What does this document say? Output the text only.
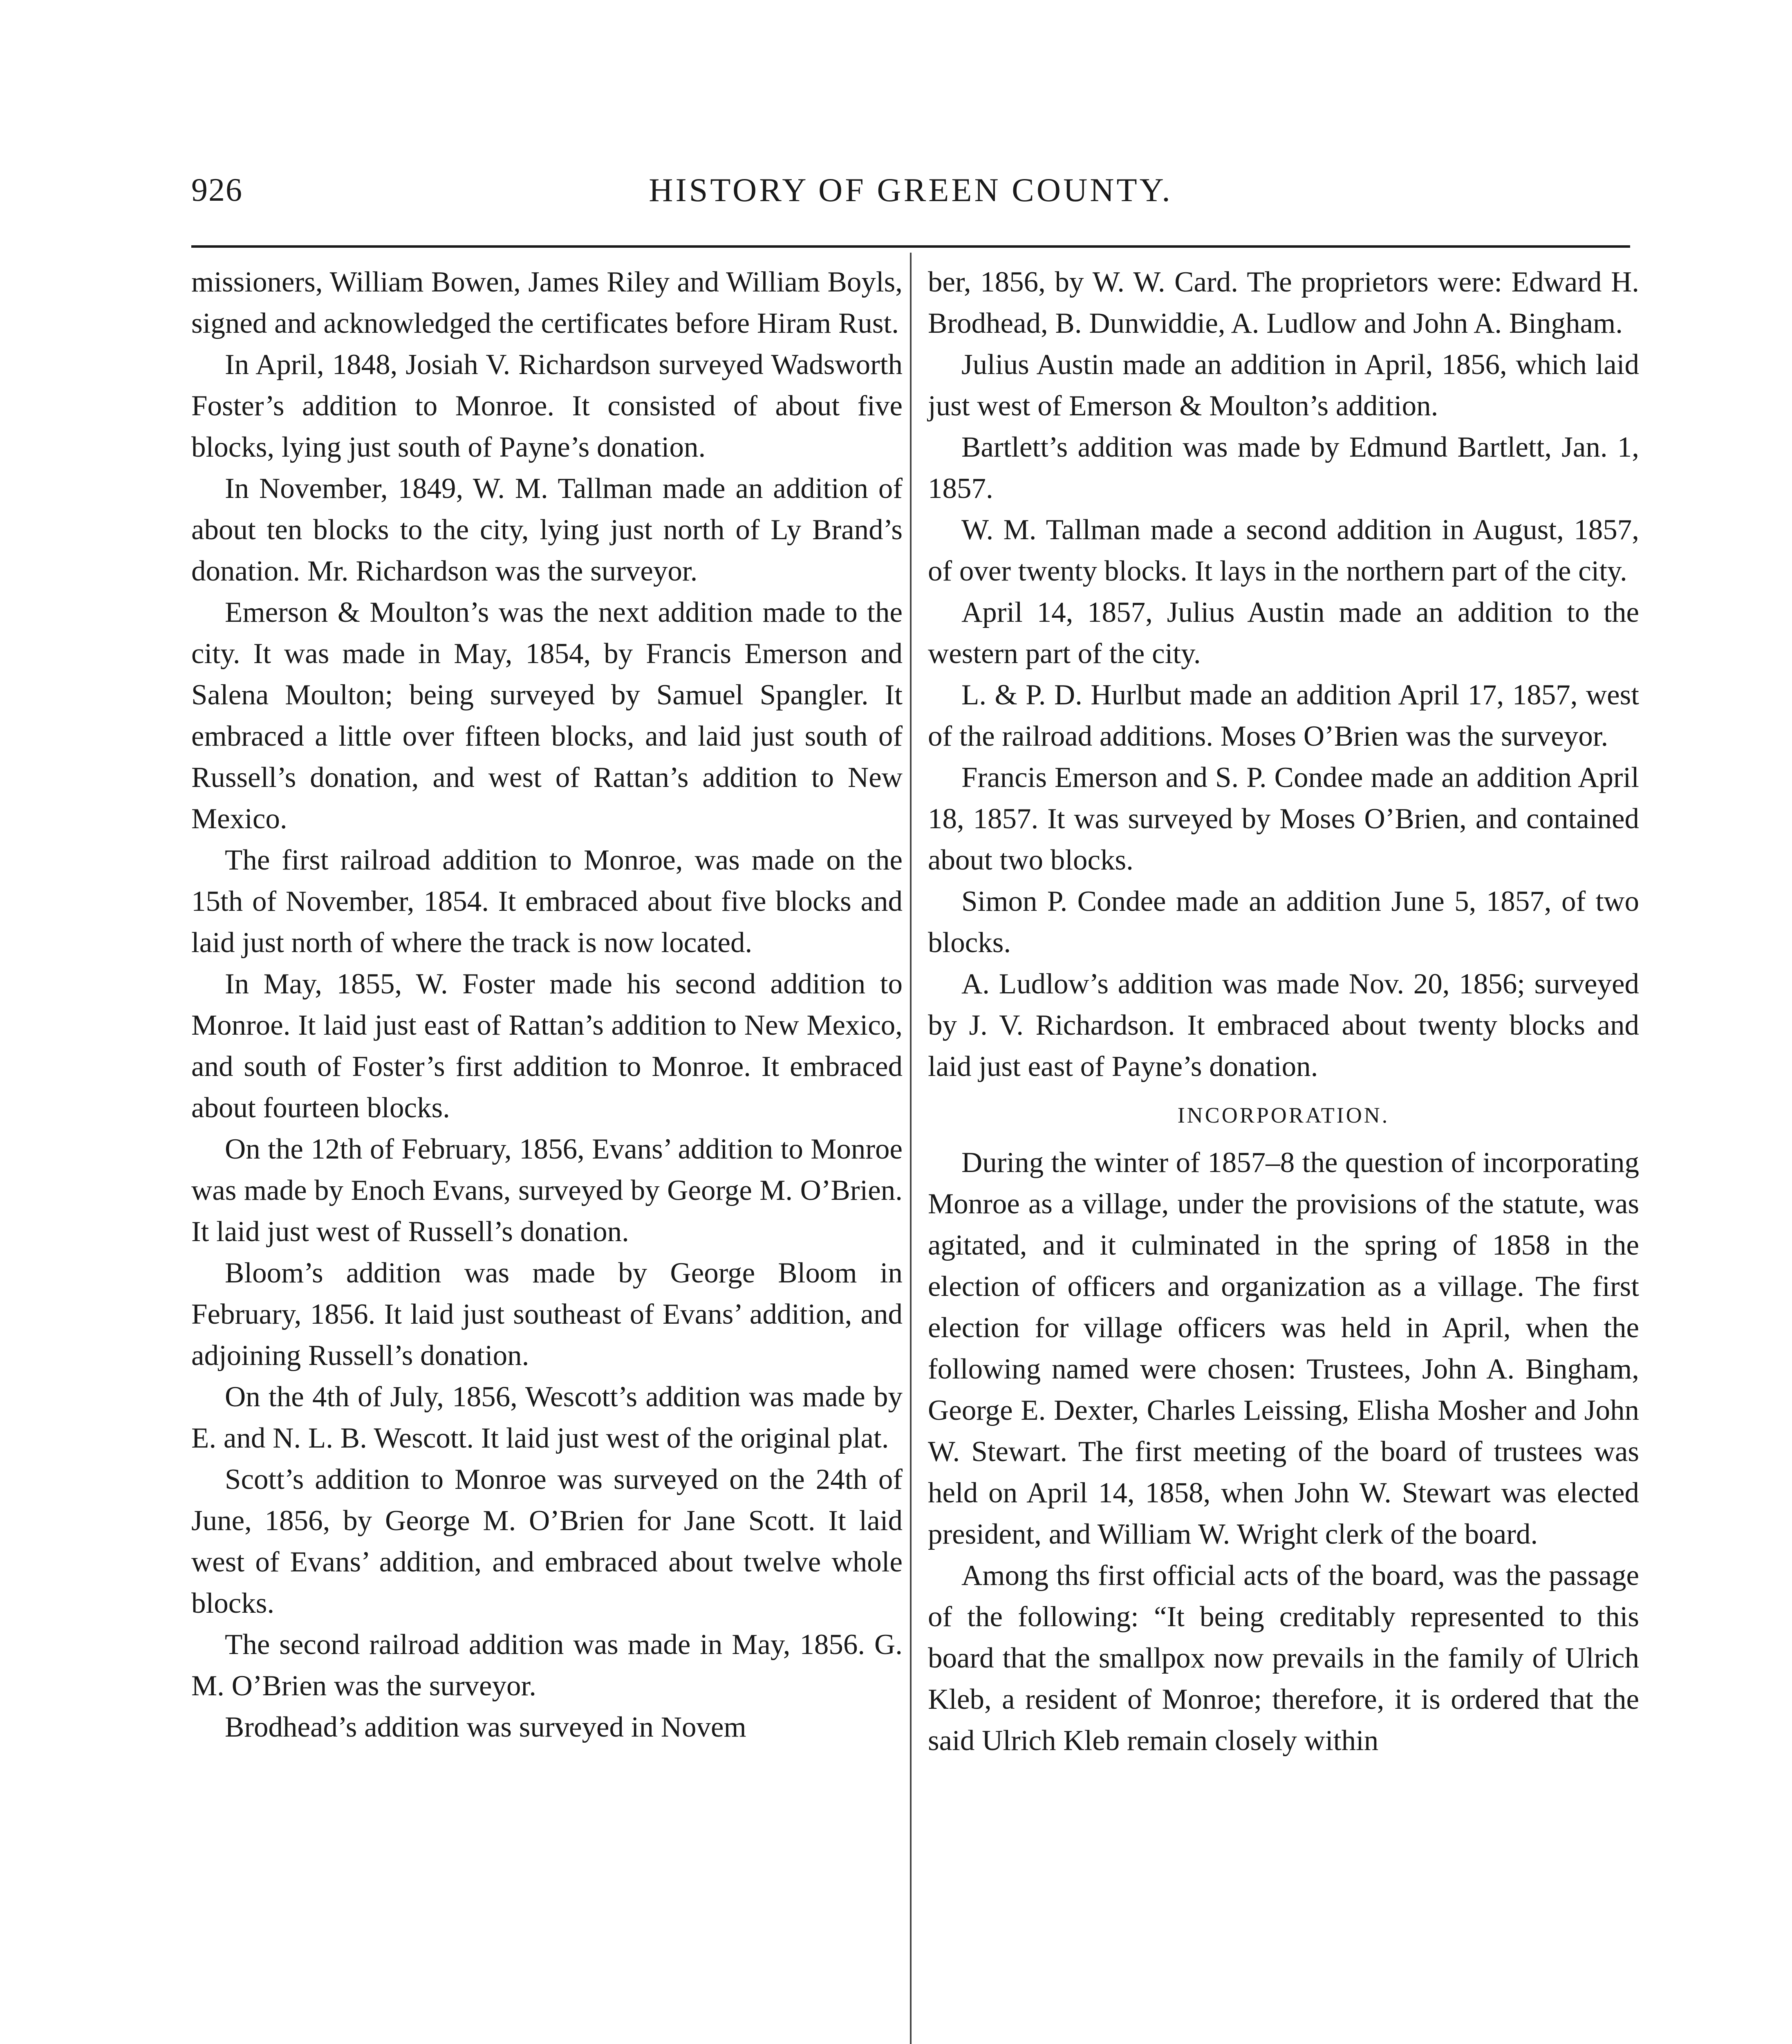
926	HISTORY OF GREEN COUNTY.

missioners, William Bowen, James Riley and William Boyls, signed and acknowledged the certificates before Hiram Rust.

In April, 1848, Josiah V. Richardson surveyed Wadsworth Foster’s addition to Monroe. It consisted of about five blocks, lying just south of Payne’s donation.

In November, 1849, W. M. Tallman made an addition of about ten blocks to the city, lying just north of Ly Brand’s donation. Mr. Richardson was the surveyor.

Emerson & Moulton’s was the next addition made to the city. It was made in May, 1854, by Francis Emerson and Salena Moulton; being surveyed by Samuel Spangler. It embraced a little over fifteen blocks, and laid just south of Russell’s donation, and west of Rattan’s addition to New Mexico.

The first railroad addition to Monroe, was made on the 15th of November, 1854. It embraced about five blocks and laid just north of where the track is now located.

In May, 1855, W. Foster made his second addition to Monroe. It laid just east of Rattan’s addition to New Mexico, and south of Foster’s first addition to Monroe. It embraced about fourteen blocks.

On the 12th of February, 1856, Evans’ addition to Monroe was made by Enoch Evans, surveyed by George M. O’Brien. It laid just west of Russell’s donation.

Bloom’s addition was made by George Bloom in February, 1856. It laid just southeast of Evans’ addition, and adjoining Russell’s donation.

On the 4th of July, 1856, Wescott’s addition was made by E. and N. L. B. Wescott. It laid just west of the original plat.

Scott’s addition to Monroe was surveyed on the 24th of June, 1856, by George M. O’Brien for Jane Scott. It laid west of Evans’ addition, and embraced about twelve whole blocks.

The second railroad addition was made in May, 1856. G. M. O’Brien was the surveyor.

Brodhead’s addition was surveyed in Novem

ber, 1856, by W. W. Card. The proprietors were: Edward H. Brodhead, B. Dunwiddie, A. Ludlow and John A. Bingham.

Julius Austin made an addition in April, 1856, which laid just west of Emerson & Moulton’s addition.

Bartlett’s addition was made by Edmund Bartlett, Jan. 1, 1857.

W. M. Tallman made a second addition in August, 1857, of over twenty blocks. It lays in the northern part of the city.

April 14, 1857, Julius Austin made an addition to the western part of the city.

L. & P. D. Hurlbut made an addition April 17, 1857, west of the railroad additions. Moses O’Brien was the surveyor.

Francis Emerson and S. P. Condee made an addition April 18, 1857. It was surveyed by Moses O’Brien, and contained about two blocks.

Simon P. Condee made an addition June 5, 1857, of two blocks.

A. Ludlow’s addition was made Nov. 20, 1856; surveyed by J. V. Richardson. It embraced about twenty blocks and laid just east of Payne’s donation.

INCORPORATION.

During the winter of 1857–8 the question of incorporating Monroe as a village, under the provisions of the statute, was agitated, and it culminated in the spring of 1858 in the election of officers and organization as a village. The first election for village officers was held in April, when the following named were chosen: Trustees, John A. Bingham, George E. Dexter, Charles Leissing, Elisha Mosher and John W. Stewart. The first meeting of the board of trustees was held on April 14, 1858, when John W. Stewart was elected president, and William W. Wright clerk of the board.

Among ths first official acts of the board, was the passage of the following: “It being creditably represented to this board that the smallpox now prevails in the family of Ulrich Kleb, a resident of Monroe; therefore, it is ordered that the said Ulrich Kleb remain closely within
